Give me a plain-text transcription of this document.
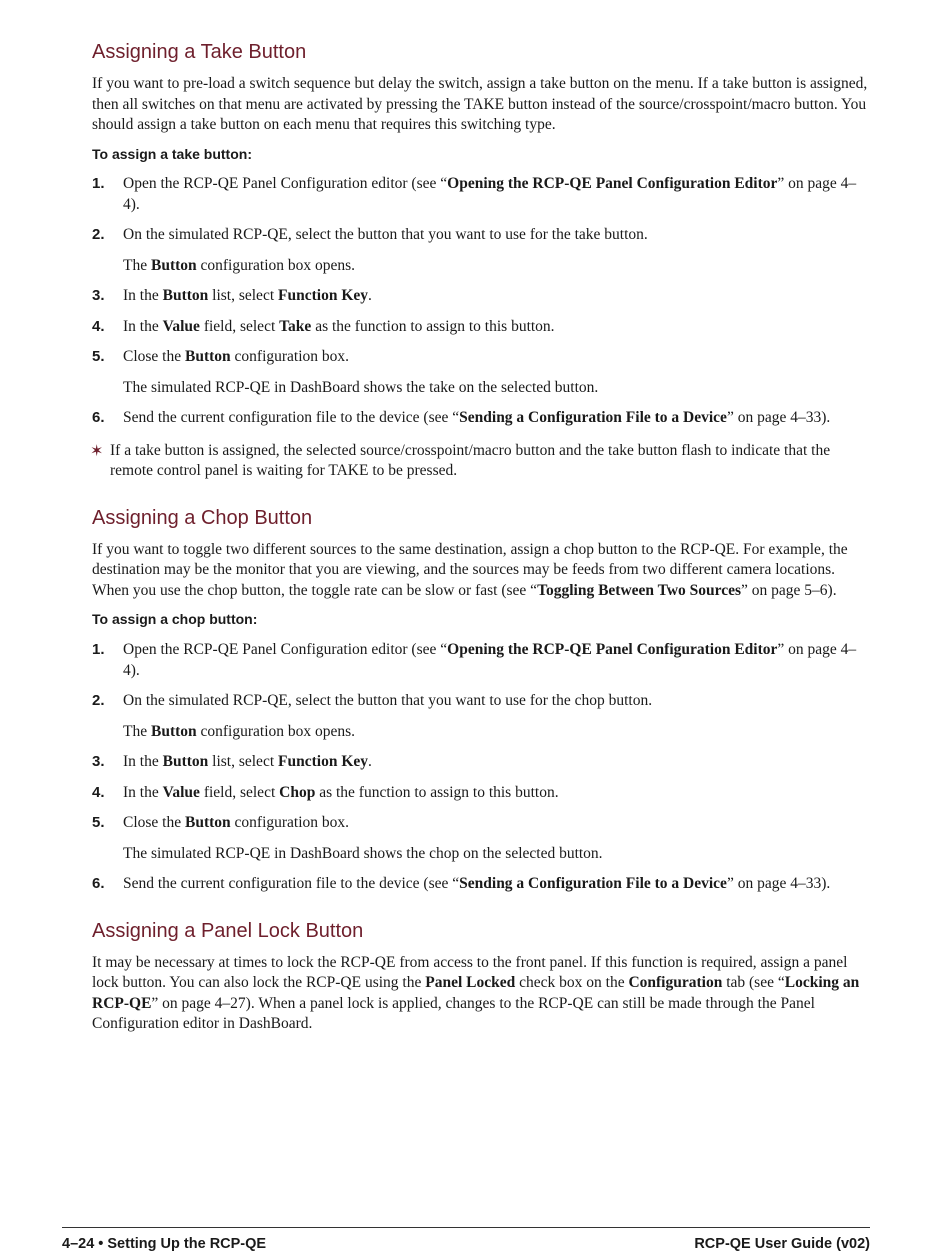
Assigning a Take Button

If you want to pre-load a switch sequence but delay the switch, assign a take button on the menu. If a take button is assigned, then all switches on that menu are activated by pressing the TAKE button instead of the source/crosspoint/macro button. You should assign a take button on each menu that requires this switching type.

To assign a take button:
1. Open the RCP-QE Panel Configuration editor (see “Opening the RCP-QE Panel Configuration Editor” on page 4–4).

2. On the simulated RCP-QE, select the button that you want to use for the take button.

The Button configuration box opens.

3. In the Button list, select Function Key.

4. In the Value field, select Take as the function to assign to this button.

5. Close the Button configuration box.

The simulated RCP-QE in DashBoard shows the take on the selected button.

6. Send the current configuration file to the device (see “Sending a Configuration File to a Device” on page 4–33).

✶ If a take button is assigned, the selected source/crosspoint/macro button and the take button flash to indicate that the remote control panel is waiting for TAKE to be pressed.

Assigning a Chop Button

If you want to toggle two different sources to the same destination, assign a chop button to the RCP-QE. For example, the destination may be the monitor that you are viewing, and the sources may be feeds from two different camera locations. When you use the chop button, the toggle rate can be slow or fast (see “Toggling Between Two Sources” on page 5–6).

To assign a chop button:
1. Open the RCP-QE Panel Configuration editor (see “Opening the RCP-QE Panel Configuration Editor” on page 4–4).

2. On the simulated RCP-QE, select the button that you want to use for the chop button.

The Button configuration box opens.

3. In the Button list, select Function Key.

4. In the Value field, select Chop as the function to assign to this button.

5. Close the Button configuration box.

The simulated RCP-QE in DashBoard shows the chop on the selected button.

6. Send the current configuration file to the device (see “Sending a Configuration File to a Device” on page 4–33).

Assigning a Panel Lock Button

It may be necessary at times to lock the RCP-QE from access to the front panel. If this function is required, assign a panel lock button. You can also lock the RCP-QE using the Panel Locked check box on the Configuration tab (see “Locking an RCP-QE” on page 4–27). When a panel lock is applied, changes to the RCP-QE can still be made through the Panel Configuration editor in DashBoard.

4–24 • Setting Up the RCP-QE	RCP-QE User Guide (v02)
